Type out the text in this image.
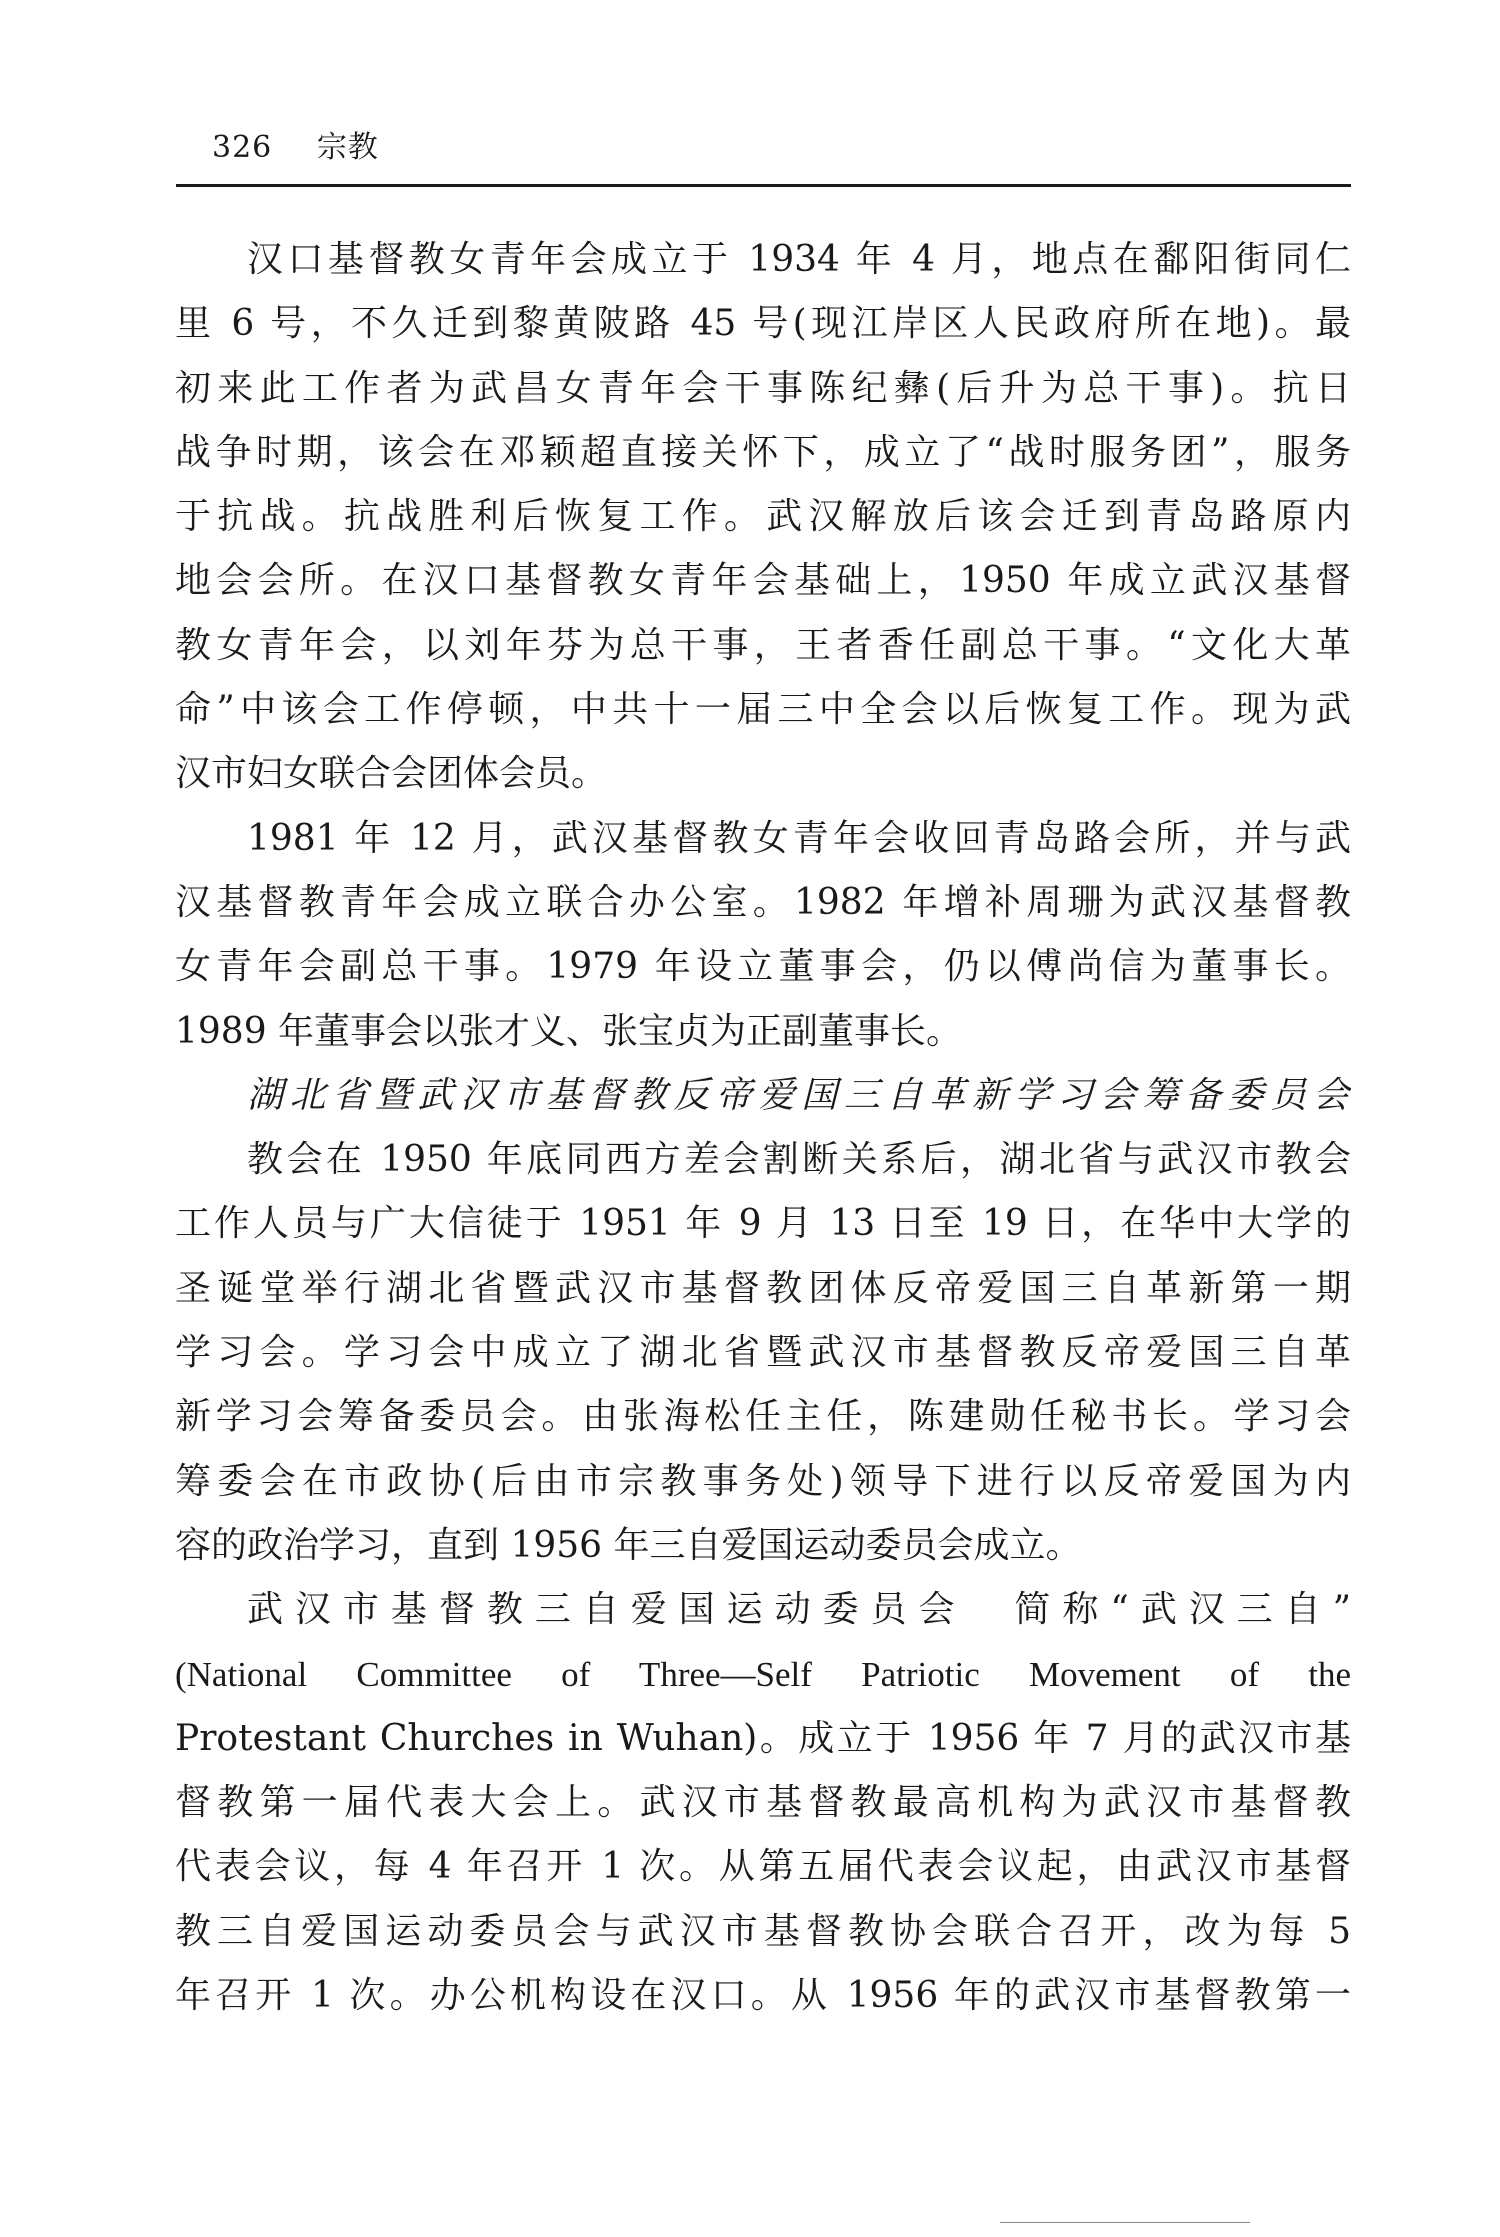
326 宗教
汉口基督教女青年会成立于 1934 年 4 月，地点在鄱阳街同仁
里 6 号，不久迁到黎黄陂路 45 号(现江岸区人民政府所在地)。最
初来此工作者为武昌女青年会干事陈纪彝(后升为总干事)。抗日
战争时期，该会在邓颖超直接关怀下，成立了“战时服务团”，服务
于抗战。抗战胜利后恢复工作。武汉解放后该会迁到青岛路原内
地会会所。在汉口基督教女青年会基础上，1950 年成立武汉基督
教女青年会，以刘年芬为总干事，王者香任副总干事。“文化大革
命”中该会工作停顿，中共十一届三中全会以后恢复工作。现为武
汉市妇女联合会团体会员。
1981 年 12 月，武汉基督教女青年会收回青岛路会所，并与武
汉基督教青年会成立联合办公室。1982 年增补周珊为武汉基督教
女青年会副总干事。1979 年设立董事会，仍以傅尚信为董事长。
1989 年董事会以张才义、张宝贞为正副董事长。
湖北省暨武汉市基督教反帝爱国三自革新学习会筹备委员会
教会在 1950 年底同西方差会割断关系后，湖北省与武汉市教会
工作人员与广大信徒于 1951 年 9 月 13 日至 19 日，在华中大学的
圣诞堂举行湖北省暨武汉市基督教团体反帝爱国三自革新第一期
学习会。学习会中成立了湖北省暨武汉市基督教反帝爱国三自革
新学习会筹备委员会。由张海松任主任，陈建勋任秘书长。学习会
筹委会在市政协(后由市宗教事务处)领导下进行以反帝爱国为内
容的政治学习，直到 1956 年三自爱国运动委员会成立。
武汉市基督教三自爱国运动委员会　简称“武汉三自”
(National Committee of Three—Self Patriotic Movement of the
Protestant Churches in Wuhan)。成立于 1956 年 7 月的武汉市基
督教第一届代表大会上。武汉市基督教最高机构为武汉市基督教
代表会议，每 4 年召开 1 次。从第五届代表会议起，由武汉市基督
教三自爱国运动委员会与武汉市基督教协会联合召开，改为每 5
年召开 1 次。办公机构设在汉口。从 1956 年的武汉市基督教第一
